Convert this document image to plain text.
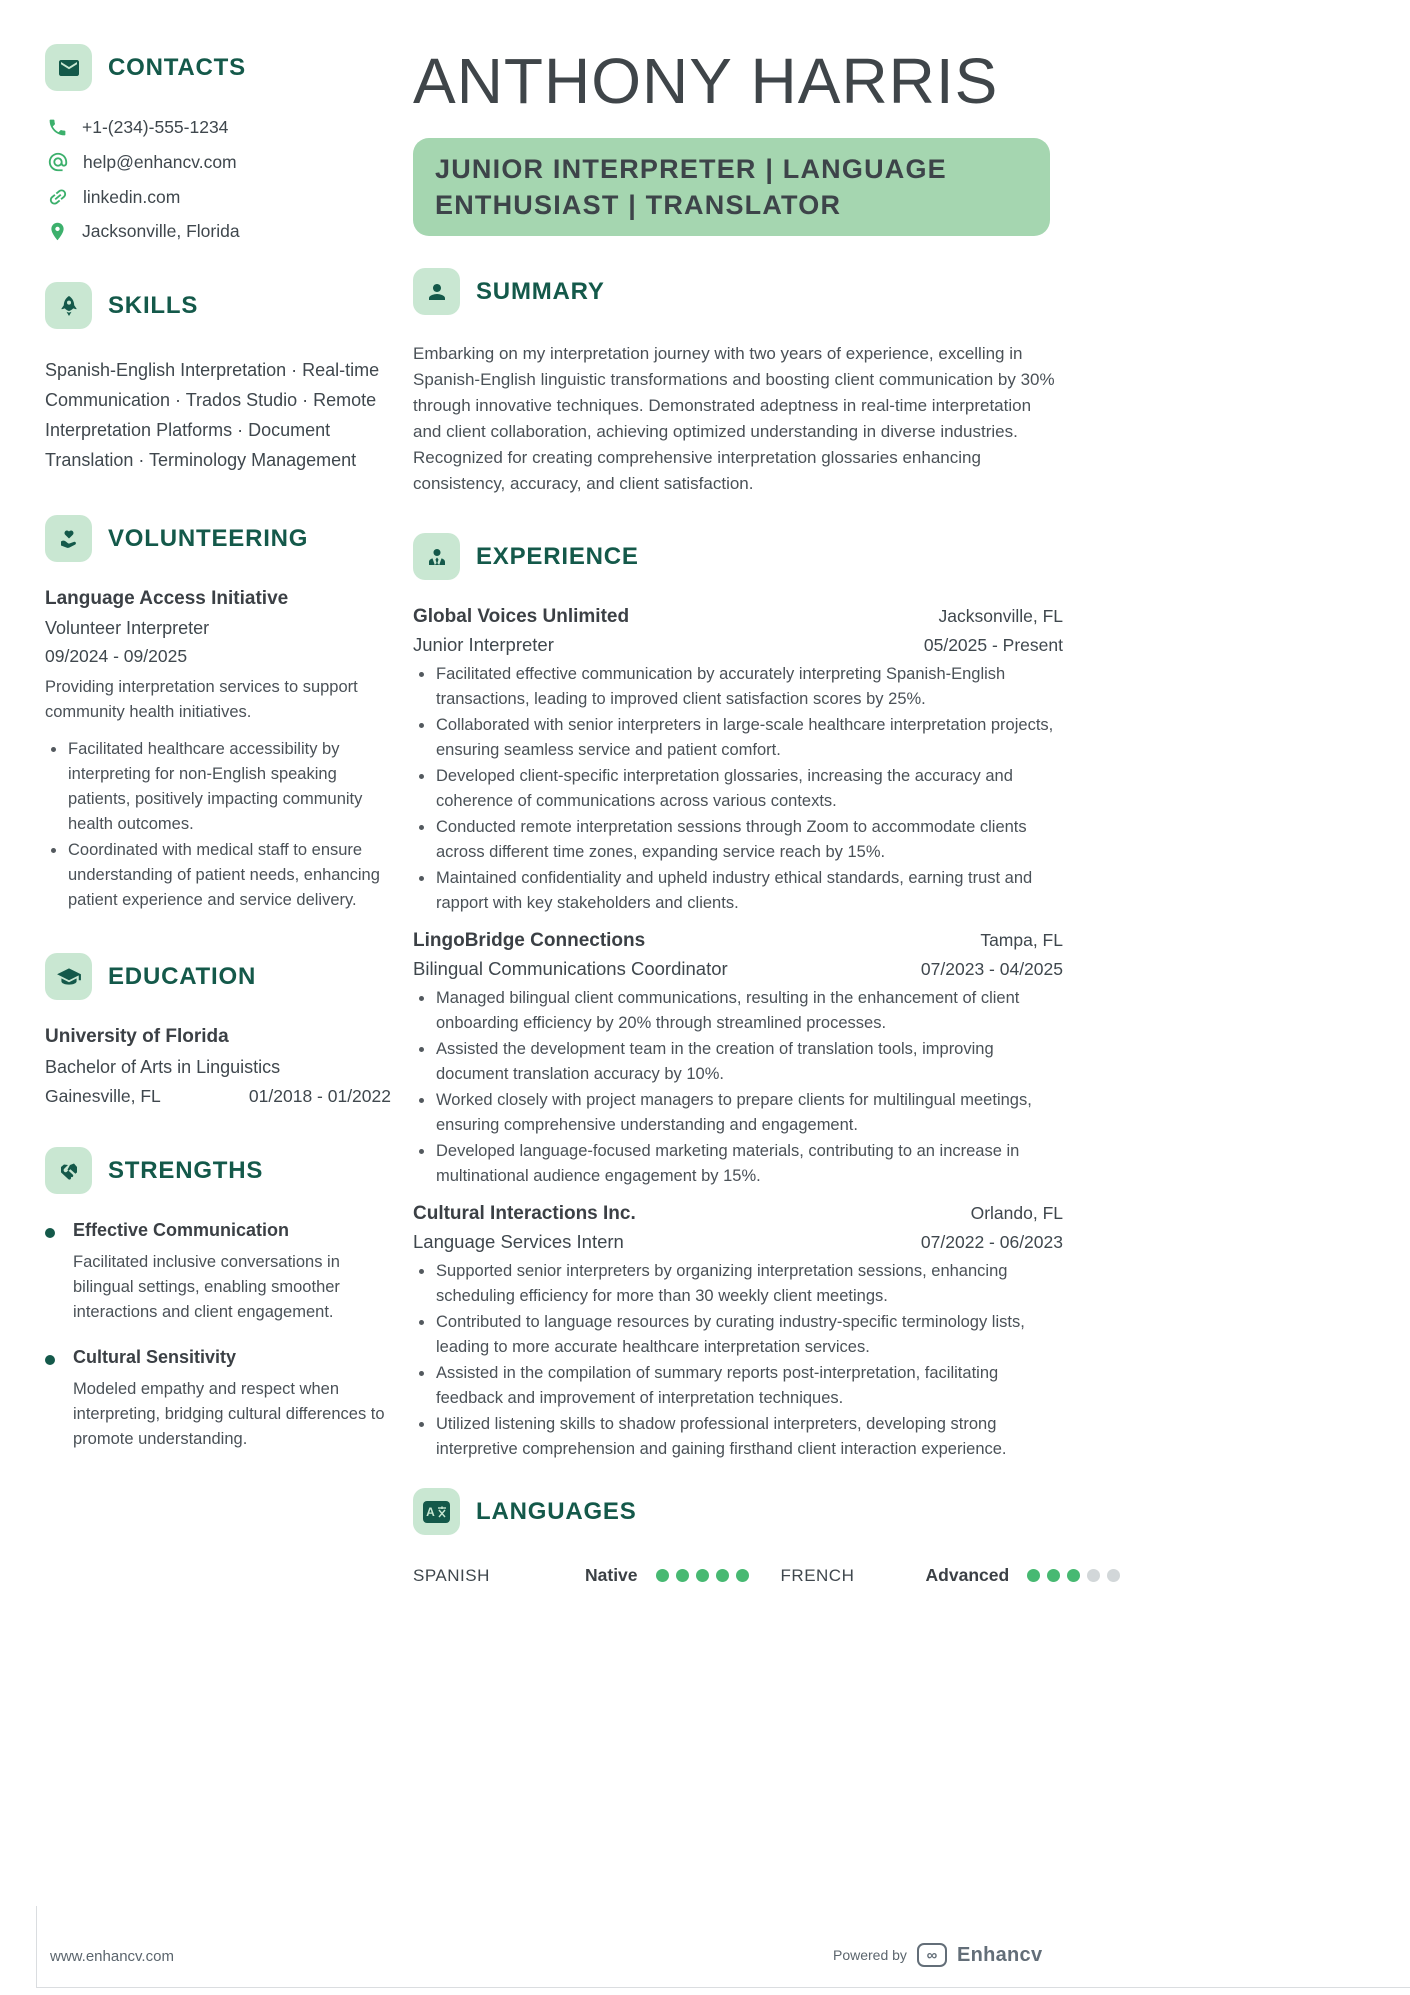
CONTACTS
+1-(234)-555-1234
help@enhancv.com
linkedin.com
Jacksonville, Florida
SKILLS

Spanish-English Interpretation · Real-time Communication · Trados Studio · Remote Interpretation Platforms · Document Translation · Terminology Management

VOLUNTEERING
Language Access Initiative
Volunteer Interpreter
09/2024 - 09/2025
Providing interpretation services to support community health initiatives.
Facilitated healthcare accessibility by interpreting for non-English speaking patients, positively impacting community health outcomes.
Coordinated with medical staff to ensure understanding of patient needs, enhancing patient experience and service delivery.
EDUCATION
University of Florida
Bachelor of Arts in Linguistics
Gainesville, FL	01/2018 - 01/2022
STRENGTHS
Effective Communication
Facilitated inclusive conversations in bilingual settings, enabling smoother interactions and client engagement.
Cultural Sensitivity
Modeled empathy and respect when interpreting, bridging cultural differences to promote understanding.
ANTHONY HARRIS
JUNIOR INTERPRETER | LANGUAGE ENTHUSIAST | TRANSLATOR
SUMMARY

Embarking on my interpretation journey with two years of experience, excelling in Spanish-English linguistic transformations and boosting client communication by 30% through innovative techniques. Demonstrated adeptness in real-time interpretation and client collaboration, achieving optimized understanding in diverse industries. Recognized for creating comprehensive interpretation glossaries enhancing consistency, accuracy, and client satisfaction.

EXPERIENCE
Global Voices Unlimited	Jacksonville, FL
Junior Interpreter	05/2025 - Present
Facilitated effective communication by accurately interpreting Spanish-English transactions, leading to improved client satisfaction scores by 25%.
Collaborated with senior interpreters in large-scale healthcare interpretation projects, ensuring seamless service and patient comfort.
Developed client-specific interpretation glossaries, increasing the accuracy and coherence of communications across various contexts.
Conducted remote interpretation sessions through Zoom to accommodate clients across different time zones, expanding service reach by 15%.
Maintained confidentiality and upheld industry ethical standards, earning trust and rapport with key stakeholders and clients.
LingoBridge Connections	Tampa, FL
Bilingual Communications Coordinator	07/2023 - 04/2025
Managed bilingual client communications, resulting in the enhancement of client onboarding efficiency by 20% through streamlined processes.
Assisted the development team in the creation of translation tools, improving document translation accuracy by 10%.
Worked closely with project managers to prepare clients for multilingual meetings, ensuring comprehensive understanding and engagement.
Developed language-focused marketing materials, contributing to an increase in multinational audience engagement by 15%.
Cultural Interactions Inc.	Orlando, FL
Language Services Intern	07/2022 - 06/2023
Supported senior interpreters by organizing interpretation sessions, enhancing scheduling efficiency for more than 30 weekly client meetings.
Contributed to language resources by curating industry-specific terminology lists, leading to more accurate healthcare interpretation services.
Assisted in the compilation of summary reports post-interpretation, facilitating feedback and improvement of interpretation techniques.
Utilized listening skills to shadow professional interpreters, developing strong interpretive comprehension and gaining firsthand client interaction experience.
A LANGUAGES
SPANISH	Native	FRENCH	Advanced
www.enhancv.com	Powered by	∞ Enhancv
